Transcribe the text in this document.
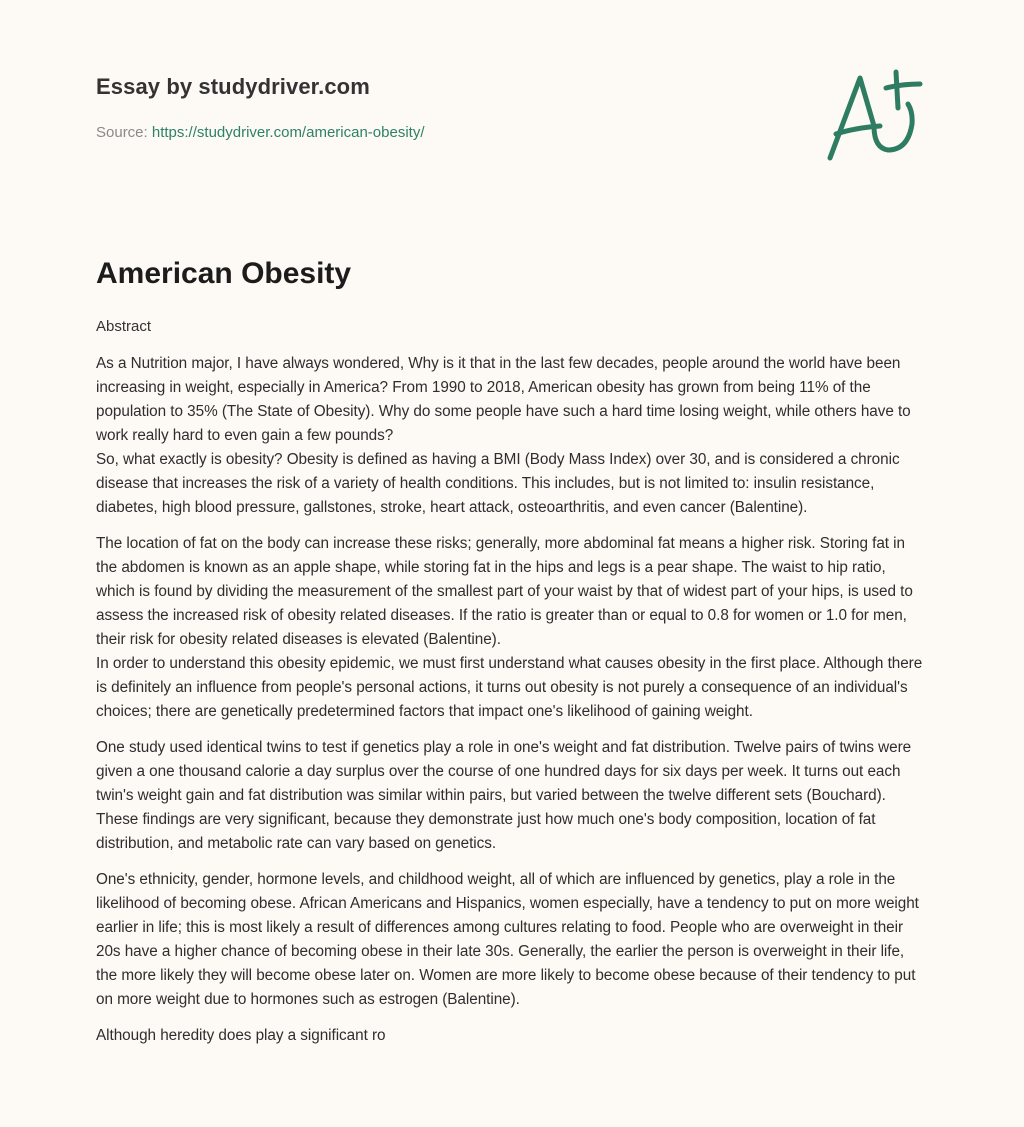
Essay by studydriver.com
Source: https://studydriver.com/american-obesity/
American Obesity
Abstract

As a Nutrition major, I have always wondered, Why is it that in the last few decades, people around the world have been increasing in weight, especially in America? From 1990 to 2018, American obesity has grown from being 11% of the population to 35% (The State of Obesity). Why do some people have such a hard time losing weight, while others have to work really hard to even gain a few pounds?

So, what exactly is obesity? Obesity is defined as having a BMI (Body Mass Index) over 30, and is considered a chronic disease that increases the risk of a variety of health conditions. This includes, but is not limited to: insulin resistance, diabetes, high blood pressure, gallstones, stroke, heart attack, osteoarthritis, and even cancer (Balentine).

The location of fat on the body can increase these risks; generally, more abdominal fat means a higher risk. Storing fat in the abdomen is known as an apple shape, while storing fat in the hips and legs is a pear shape. The waist to hip ratio, which is found by dividing the measurement of the smallest part of your waist by that of widest part of your hips, is used to assess the increased risk of obesity related diseases. If the ratio is greater than or equal to 0.8 for women or 1.0 for men, their risk for obesity related diseases is elevated (Balentine).

In order to understand this obesity epidemic, we must first understand what causes obesity in the first place. Although there is definitely an influence from people's personal actions, it turns out obesity is not purely a consequence of an individual's choices; there are genetically predetermined factors that impact one's likelihood of gaining weight.

One study used identical twins to test if genetics play a role in one's weight and fat distribution. Twelve pairs of twins were given a one thousand calorie a day surplus over the course of one hundred days for six days per week. It turns out each twin's weight gain and fat distribution was similar within pairs, but varied between the twelve different sets (Bouchard). These findings are very significant, because they demonstrate just how much one's body composition, location of fat distribution, and metabolic rate can vary based on genetics.

One's ethnicity, gender, hormone levels, and childhood weight, all of which are influenced by genetics, play a role in the likelihood of becoming obese. African Americans and Hispanics, women especially, have a tendency to put on more weight earlier in life; this is most likely a result of differences among cultures relating to food. People who are overweight in their 20s have a higher chance of becoming obese in their late 30s. Generally, the earlier the person is overweight in their life, the more likely they will become obese later on. Women are more likely to become obese because of their tendency to put on more weight due to hormones such as estrogen (Balentine).

Although heredity does play a significant ro
